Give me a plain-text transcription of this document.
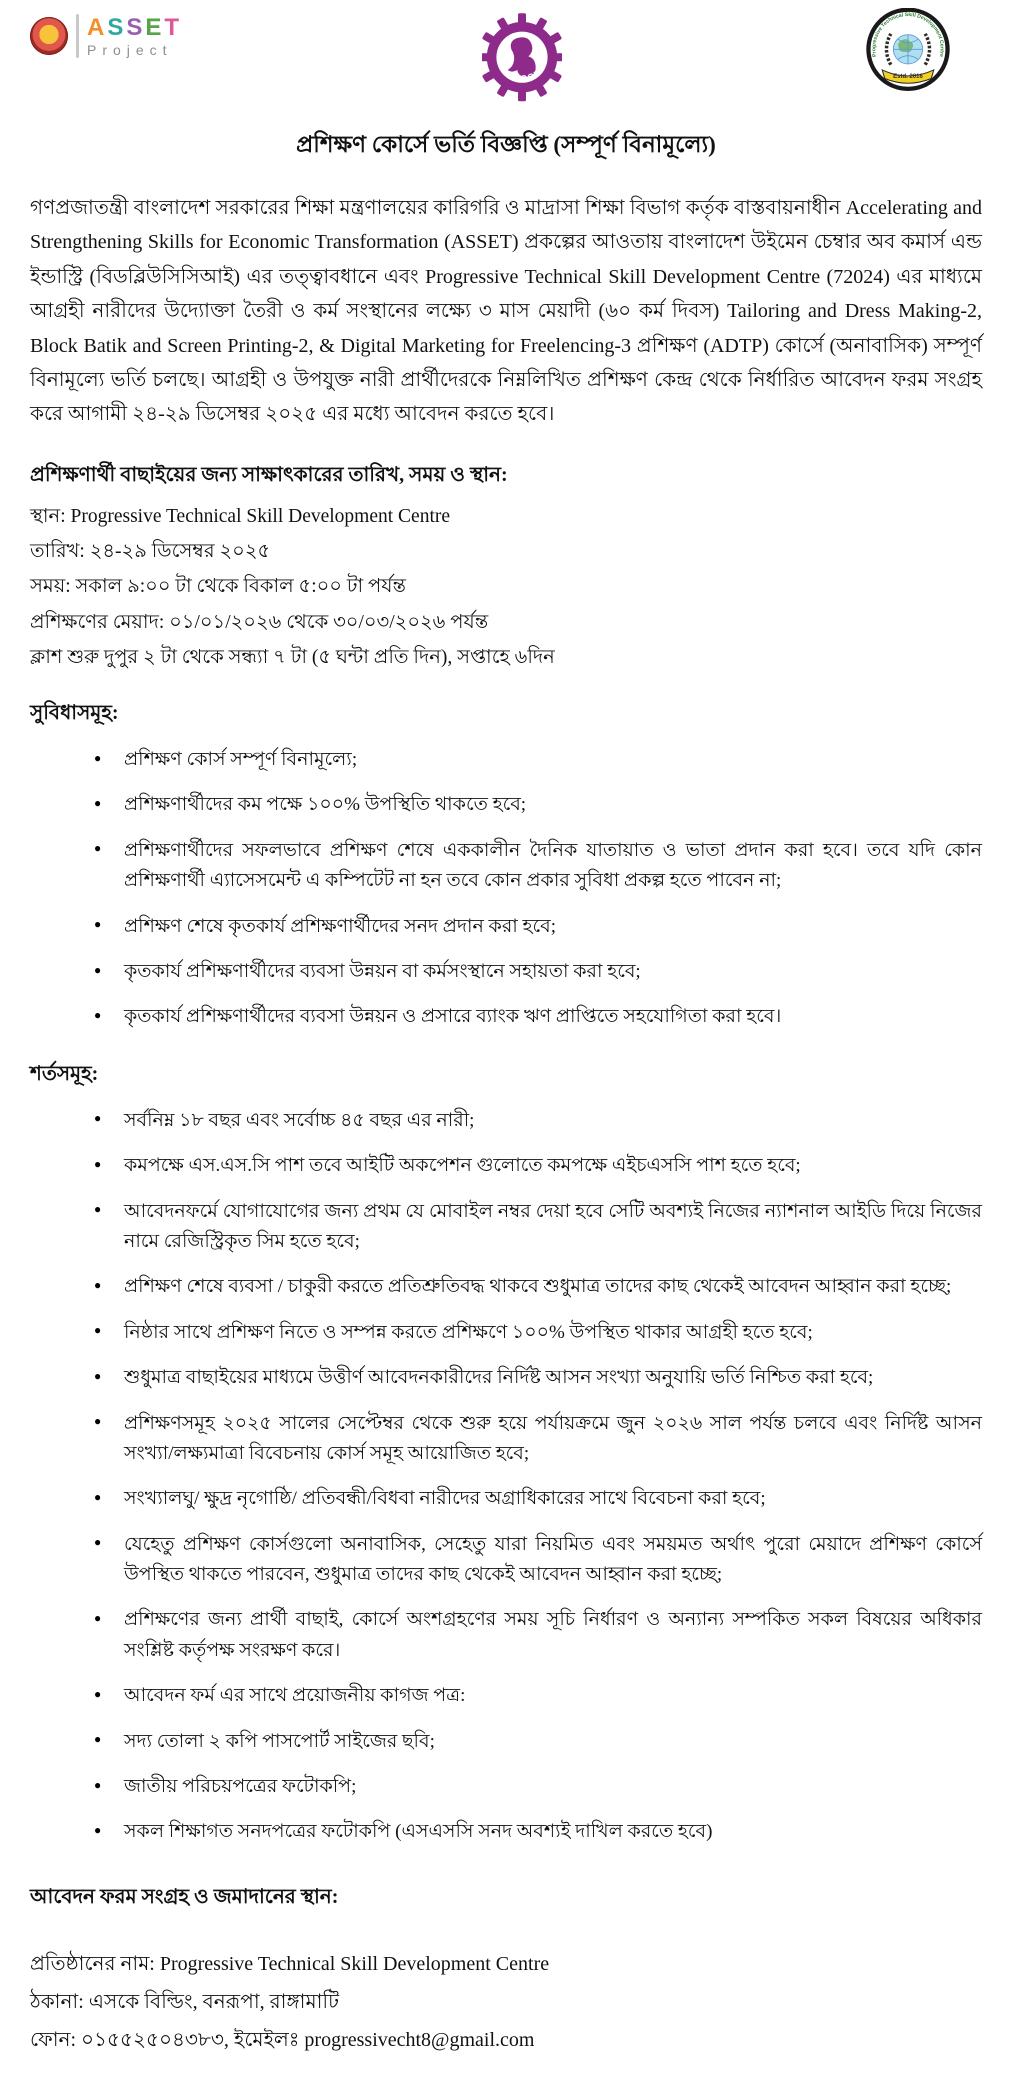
ASSET
Project
BWCCI
Progressive Technical Skill Development Centre
Estd. 2016
প্রশিক্ষণ কোর্সে ভর্তি বিজ্ঞপ্তি (সম্পূর্ণ বিনামূল্যে)

গণপ্রজাতন্ত্রী বাংলাদেশ সরকারের শিক্ষা মন্ত্রণালয়ের কারিগরি ও মাদ্রাসা শিক্ষা বিভাগ কর্তৃক বাস্তবায়নাধীন Accelerating and Strengthening Skills for Economic Transformation (ASSET) প্রকল্পের আওতায় বাংলাদেশ উইমেন চেম্বার অব কমার্স এন্ড ইন্ডাস্ট্রি (বিডব্লিউসিসিআই) এর তত্ত্বাবধানে এবং Progressive Technical Skill Development Centre (72024) এর মাধ্যমে আগ্রহী নারীদের উদ্যোক্তা তৈরী ও কর্ম সংস্থানের লক্ষ্যে ৩ মাস মেয়াদী (৬০ কর্ম দিবস) Tailoring and Dress Making-2, Block Batik and Screen Printing-2, & Digital Marketing for Freelencing-3 প্রশিক্ষণ (ADTP) কোর্সে (অনাবাসিক) সম্পূর্ণ বিনামূল্যে ভর্তি চলছে। আগ্রহী ও উপযুক্ত নারী প্রার্থীদেরকে নিম্নলিখিত প্রশিক্ষণ কেন্দ্র থেকে নির্ধারিত আবেদন ফরম সংগ্রহ করে আগামী ২৪-২৯ ডিসেম্বর ২০২৫ এর মধ্যে আবেদন করতে হবে।

প্রশিক্ষণার্থী বাছাইয়ের জন্য সাক্ষাৎকারের তারিখ, সময় ও স্থান:

স্থান: Progressive Technical Skill Development Centre

তারিখ: ২৪-২৯ ডিসেম্বর ২০২৫

সময়: সকাল ৯:০০ টা থেকে বিকাল ৫:০০ টা পর্যন্ত

প্রশিক্ষণের মেয়াদ: ০১/০১/২০২৬ থেকে ৩০/০৩/২০২৬ পর্যন্ত

ক্লাশ শুরু দুপুর ২ টা থেকে সন্ধ্যা ৭ টা (৫ ঘন্টা প্রতি দিন), সপ্তাহে ৬দিন

সুবিধাসমূহ:
● প্রশিক্ষণ কোর্স সম্পূর্ণ বিনামূল্যে;
● প্রশিক্ষণার্থীদের কম পক্ষে ১০০% উপস্থিতি থাকতে হবে;
● প্রশিক্ষণার্থীদের সফলভাবে প্রশিক্ষণ শেষে এককালীন দৈনিক যাতায়াত ও ভাতা প্রদান করা হবে। তবে যদি কোন প্রশিক্ষণার্থী এ্যাসেসমেন্ট এ কম্পিটেট না হন তবে কোন প্রকার সুবিধা প্রকল্প হতে পাবেন না;
● প্রশিক্ষণ শেষে কৃতকার্য প্রশিক্ষণার্থীদের সনদ প্রদান করা হবে;
● কৃতকার্য প্রশিক্ষণার্থীদের ব্যবসা উন্নয়ন বা কর্মসংস্থানে সহায়তা করা হবে;
● কৃতকার্য প্রশিক্ষণার্থীদের ব্যবসা উন্নয়ন ও প্রসারে ব্যাংক ঋণ প্রাপ্তিতে সহযোগিতা করা হবে।
শর্তসমূহ:
● সর্বনিম্ন ১৮ বছর এবং সর্বোচ্চ ৪৫ বছর এর নারী;
● কমপক্ষে এস.এস.সি পাশ তবে আইটি অকপেশন গুলোতে কমপক্ষে এইচএসসি পাশ হতে হবে;
● আবেদনফর্মে যোগাযোগের জন্য প্রথম যে মোবাইল নম্বর দেয়া হবে সেটি অবশ্যই নিজের ন্যাশনাল আইডি দিয়ে নিজের নামে রেজিস্ট্রিকৃত সিম হতে হবে;
● প্রশিক্ষণ শেষে ব্যবসা / চাকুরী করতে প্রতিশ্রুতিবদ্ধ থাকবে শুধুমাত্র তাদের কাছ থেকেই আবেদন আহ্বান করা হচ্ছে;
● নিষ্ঠার সাথে প্রশিক্ষণ নিতে ও সম্পন্ন করতে প্রশিক্ষণে ১০০% উপস্থিত থাকার আগ্রহী হতে হবে;
● শুধুমাত্র বাছাইয়ের মাধ্যমে উত্তীর্ণ আবেদনকারীদের নির্দিষ্ট আসন সংখ্যা অনুযায়ি ভর্তি নিশ্চিত করা হবে;
● প্রশিক্ষণসমূহ ২০২৫ সালের সেপ্টেম্বর থেকে শুরু হয়ে পর্যায়ক্রমে জুন ২০২৬ সাল পর্যন্ত চলবে এবং নির্দিষ্ট আসন সংখ্যা/লক্ষ্যমাত্রা বিবেচনায় কোর্স সমূহ আয়োজিত হবে;
● সংখ্যালঘু/ ক্ষুদ্র নৃগোষ্ঠি/ প্রতিবন্ধী/বিধবা নারীদের অগ্রাধিকারের সাথে বিবেচনা করা হবে;
● যেহেতু প্রশিক্ষণ কোর্সগুলো অনাবাসিক, সেহেতু যারা নিয়মিত এবং সময়মত অর্থাৎ পুরো মেয়াদে প্রশিক্ষণ কোর্সে উপস্থিত থাকতে পারবেন, শুধুমাত্র তাদের কাছ থেকেই আবেদন আহ্বান করা হচ্ছে;
● প্রশিক্ষণের জন্য প্রার্থী বাছাই, কোর্সে অংশগ্রহণের সময় সূচি নির্ধারণ ও অন্যান্য সম্পকিত সকল বিষয়ের অধিকার সংশ্লিষ্ট কর্তৃপক্ষ সংরক্ষণ করে।
● আবেদন ফর্ম এর সাথে প্রয়োজনীয় কাগজ পত্র:
● সদ্য তোলা ২ কপি পাসপোর্ট সাইজের ছবি;
● জাতীয় পরিচয়পত্রের ফটোকপি;
● সকল শিক্ষাগত সনদপত্রের ফটোকপি (এসএসসি সনদ অবশ্যই দাখিল করতে হবে)
আবেদন ফরম সংগ্রহ ও জমাদানের স্থান:

প্রতিষ্ঠানের নাম: Progressive Technical Skill Development Centre

ঠকানা: এসকে বিল্ডিং, বনরূপা, রাঙ্গামাটি

ফোন: ০১৫৫২৫০৪৩৮৩, ইমেইলঃ progressivecht8@gmail.com
